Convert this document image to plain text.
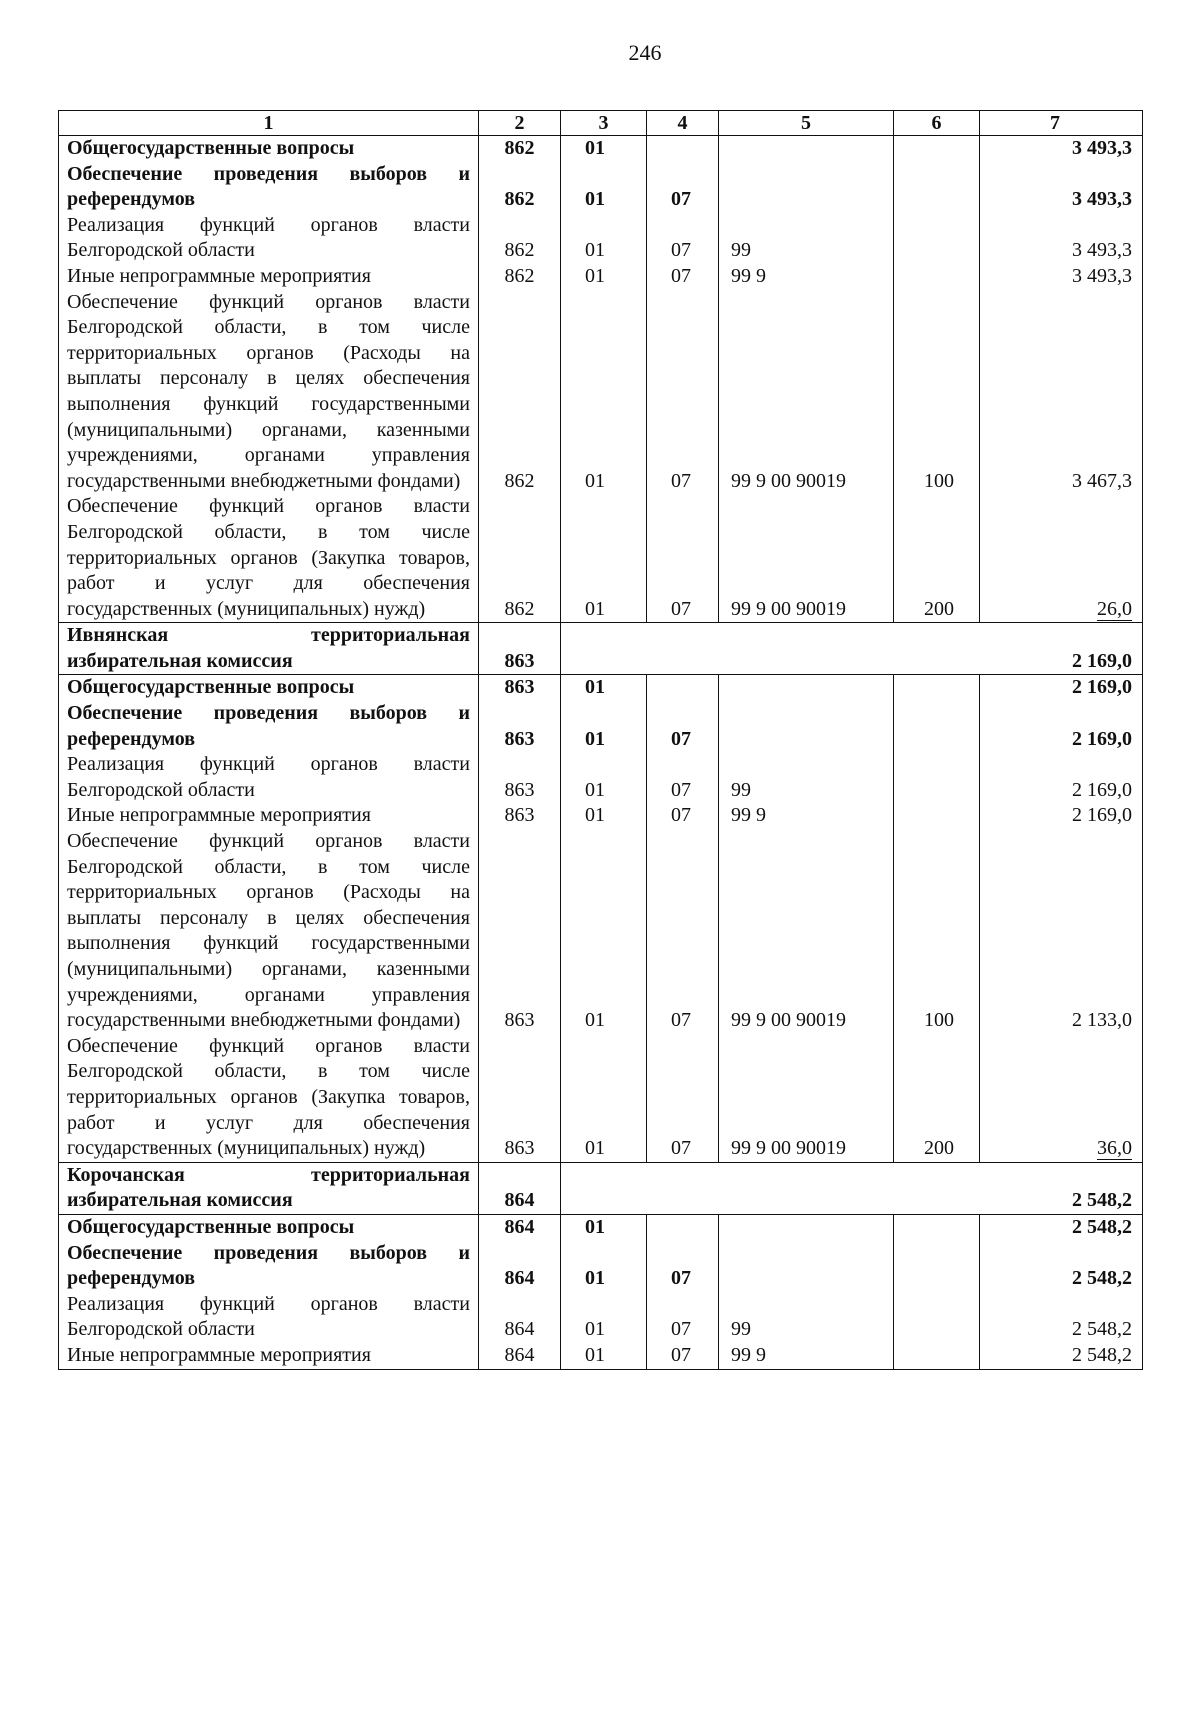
246
1	2	3	4	5	6	7
Общегосударственные вопросы	862	01				3 493,3
Обеспечение проведения выборов и референдумов	862	01	07			3 493,3
Реализация функций органов власти Белгородской области	862	01	07	99		3 493,3
Иные непрограммные мероприятия	862	01	07	99 9		3 493,3
Обеспечение функций органов власти Белгородской области, в том числе территориальных органов (Расходы на выплаты персоналу в целях обеспечения выполнения функций государственными (муниципальными) органами, казенными учреждениями, органами управления государственными внебюджетными фондами)	862	01	07	99 9 00 90019	100	3 467,3
Обеспечение функций органов власти Белгородской области, в том числе территориальных органов (Закупка товаров, работ и услуг для обеспечения государственных (муниципальных) нужд)	862	01	07	99 9 00 90019	200	26,0
Ивнянская территориальная избирательная комиссия	863					2 169,0
Общегосударственные вопросы	863	01				2 169,0
Обеспечение проведения выборов и референдумов	863	01	07			2 169,0
Реализация функций органов власти Белгородской области	863	01	07	99		2 169,0
Иные непрограммные мероприятия	863	01	07	99 9		2 169,0
Обеспечение функций органов власти Белгородской области, в том числе территориальных органов (Расходы на выплаты персоналу в целях обеспечения выполнения функций государственными (муниципальными) органами, казенными учреждениями, органами управления государственными внебюджетными фондами)	863	01	07	99 9 00 90019	100	2 133,0
Обеспечение функций органов власти Белгородской области, в том числе территориальных органов (Закупка товаров, работ и услуг для обеспечения государственных (муниципальных) нужд)	863	01	07	99 9 00 90019	200	36,0
Корочанская территориальная избирательная комиссия	864					2 548,2
Общегосударственные вопросы	864	01				2 548,2
Обеспечение проведения выборов и референдумов	864	01	07			2 548,2
Реализация функций органов власти Белгородской области	864	01	07	99		2 548,2
Иные непрограммные мероприятия	864	01	07	99 9		2 548,2
